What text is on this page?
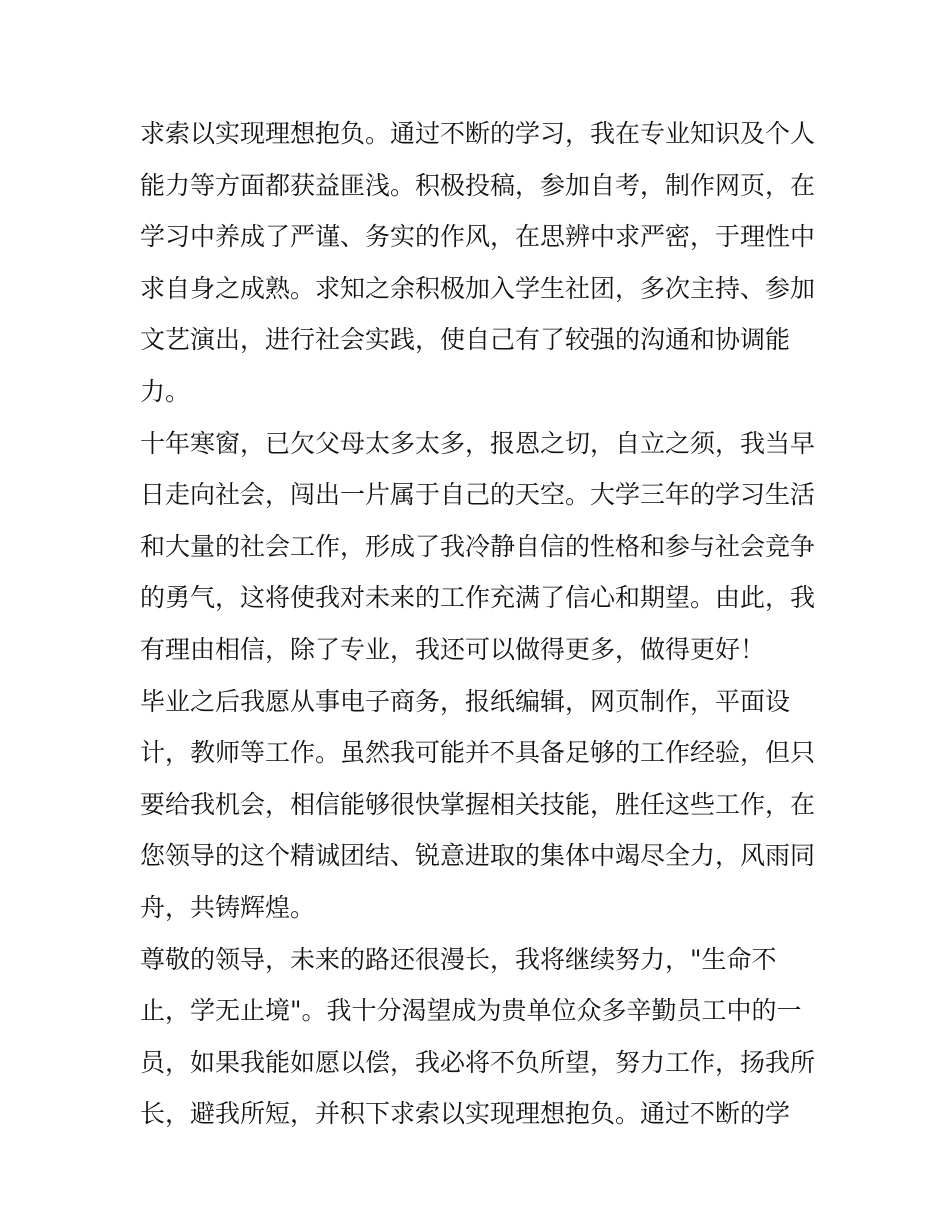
求索以实现理想抱负。通过不断的学习，我在专业知识及个人
能力等方面都获益匪浅。积极投稿，参加自考，制作网页，在
学习中养成了严谨、务实的作风，在思辨中求严密，于理性中
求自身之成熟。求知之余积极加入学生社团，多次主持、参加
文艺演出，进行社会实践，使自己有了较强的沟通和协调能
力。
十年寒窗，已欠父母太多太多，报恩之切，自立之须，我当早
日走向社会，闯出一片属于自己的天空。大学三年的学习生活
和大量的社会工作，形成了我冷静自信的性格和参与社会竞争
的勇气，这将使我对未来的工作充满了信心和期望。由此，我
有理由相信，除了专业，我还可以做得更多，做得更好！
毕业之后我愿从事电子商务，报纸编辑，网页制作，平面设
计，教师等工作。虽然我可能并不具备足够的工作经验，但只
要给我机会，相信能够很快掌握相关技能，胜任这些工作，在
您领导的这个精诚团结、锐意进取的集体中竭尽全力，风雨同
舟，共铸辉煌。
尊敬的领导，未来的路还很漫长，我将继续努力，"生命不
止，学无止境"。我十分渴望成为贵单位众多辛勤员工中的一
员，如果我能如愿以偿，我必将不负所望，努力工作，扬我所
长，避我所短，并积下求索以实现理想抱负。通过不断的学
